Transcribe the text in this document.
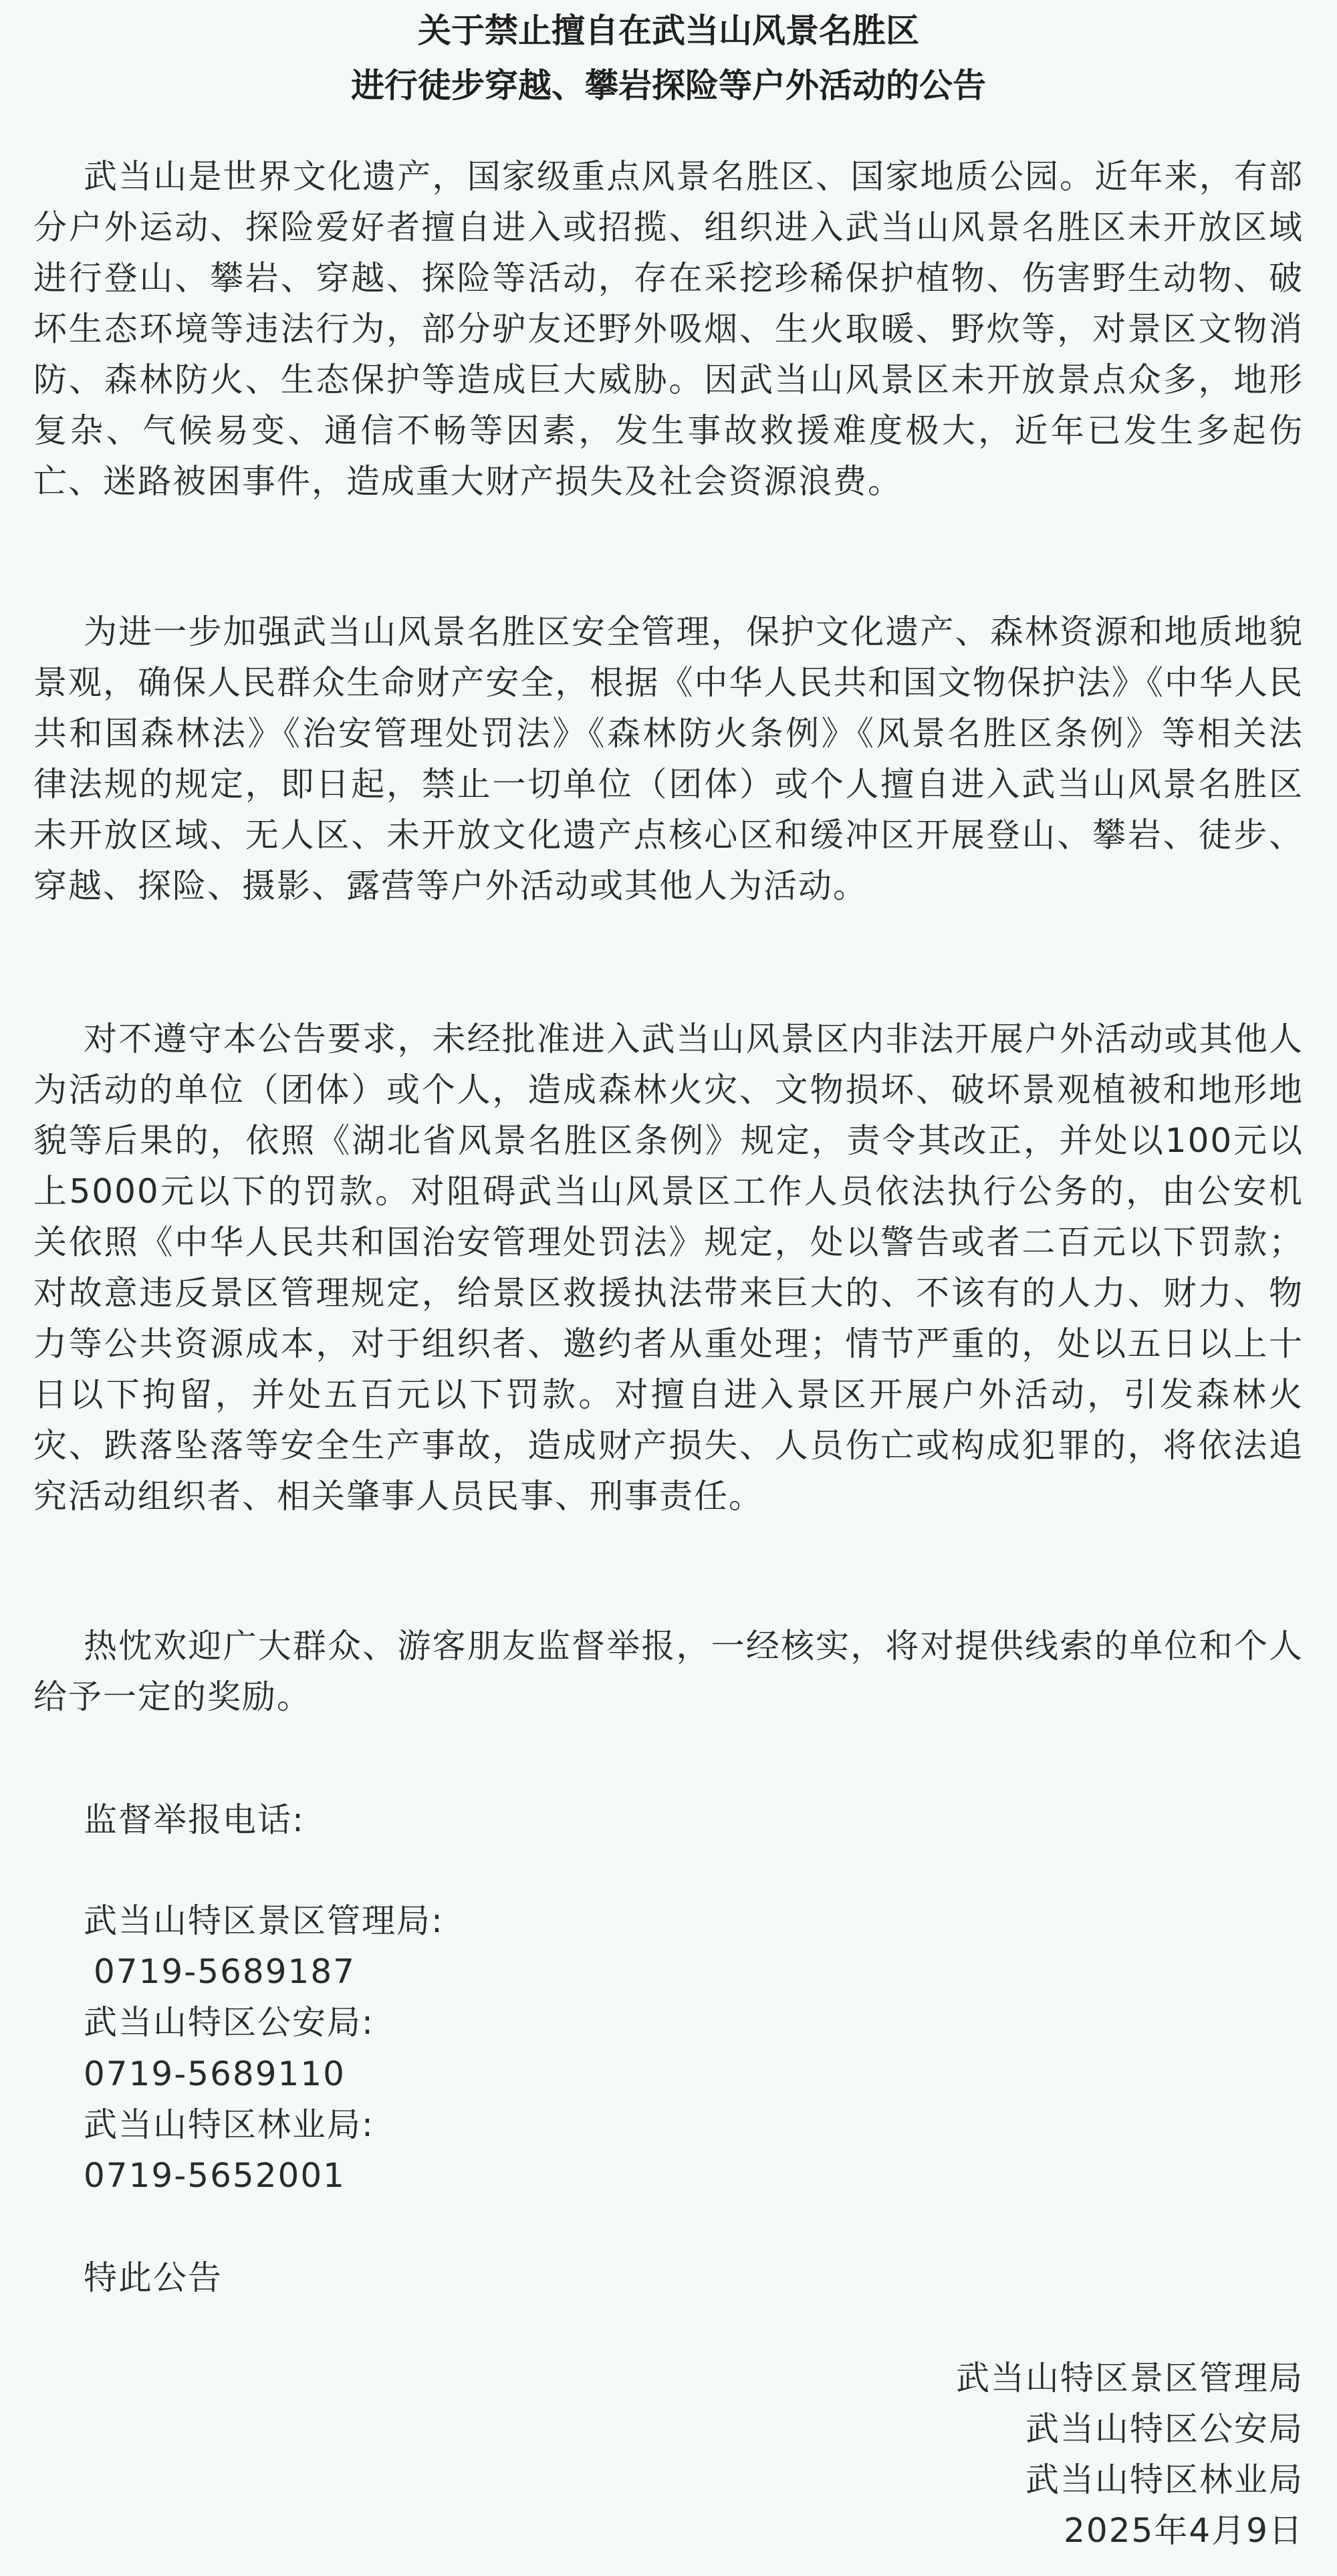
关于禁止擅自在武当山风景名胜区
进行徒步穿越、攀岩探险等户外活动的公告

武当山是世界文化遗产，国家级重点风景名胜区、国家地质公园。近年来，有部分户外运动、探险爱好者擅自进入或招揽、组织进入武当山风景名胜区未开放区域进行登山、攀岩、穿越、探险等活动，存在采挖珍稀保护植物、伤害野生动物、破坏生态环境等违法行为，部分驴友还野外吸烟、生火取暖、野炊等，对景区文物消防、森林防火、生态保护等造成巨大威胁。因武当山风景区未开放景点众多，地形复杂、气候易变、通信不畅等因素，发生事故救援难度极大，近年已发生多起伤亡、迷路被困事件，造成重大财产损失及社会资源浪费。

为进一步加强武当山风景名胜区安全管理，保护文化遗产、森林资源和地质地貌景观，确保人民群众生命财产安全，根据《中华人民共和国文物保护法》《中华人民共和国森林法》《治安管理处罚法》《森林防火条例》《风景名胜区条例》等相关法律法规的规定，即日起，禁止一切单位（团体）或个人擅自进入武当山风景名胜区未开放区域、无人区、未开放文化遗产点核心区和缓冲区开展登山、攀岩、徒步、穿越、探险、摄影、露营等户外活动或其他人为活动。

对不遵守本公告要求，未经批准进入武当山风景区内非法开展户外活动或其他人为活动的单位（团体）或个人，造成森林火灾、文物损坏、破坏景观植被和地形地貌等后果的，依照《湖北省风景名胜区条例》规定，责令其改正，并处以100元以上5000元以下的罚款。对阻碍武当山风景区工作人员依法执行公务的，由公安机关依照《中华人民共和国治安管理处罚法》规定，处以警告或者二百元以下罚款；对故意违反景区管理规定，给景区救援执法带来巨大的、不该有的人力、财力、物力等公共资源成本，对于组织者、邀约者从重处理；情节严重的，处以五日以上十日以下拘留，并处五百元以下罚款。对擅自进入景区开展户外活动，引发森林火灾、跌落坠落等安全生产事故，造成财产损失、人员伤亡或构成犯罪的，将依法追究活动组织者、相关肇事人员民事、刑事责任。

热忱欢迎广大群众、游客朋友监督举报，一经核实，将对提供线索的单位和个人给予一定的奖励。

监督举报电话:
武当山特区景区管理局:
0719-5689187
武当山特区公安局:
0719-5689110
武当山特区林业局:
0719-5652001
特此公告
武当山特区景区管理局
武当山特区公安局
武当山特区林业局
2025年4月9日
